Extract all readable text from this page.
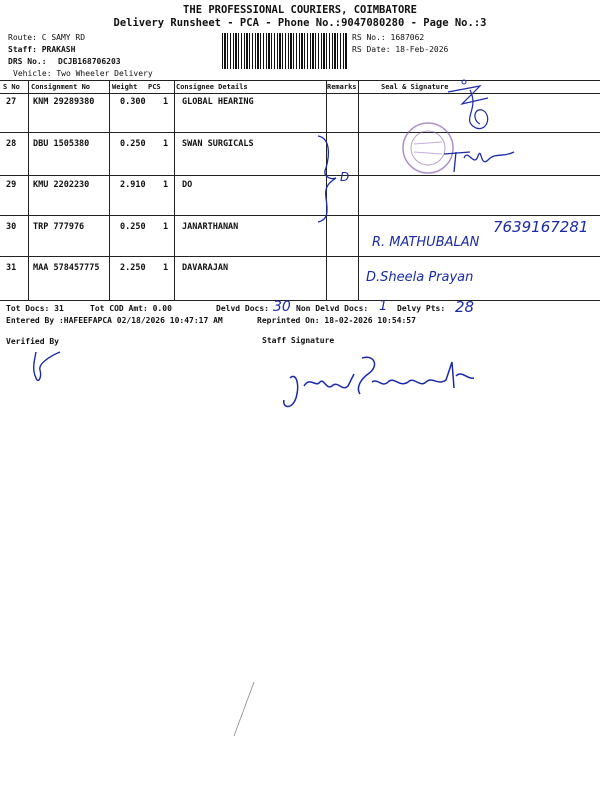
THE PROFESSIONAL COURIERS, COIMBATORE
Delivery Runsheet - PCA - Phone No.:9047080280 - Page No.:3
Route: C SAMY RD
Staff: PRAKASH
DRS No.: DCJB168706203
Vehicle: Two Wheeler Delivery
RS No.: 1687062
RS Date: 18-Feb-2026
S No Consignment No	Weight PCS Consignee Details	Remarks	Seal & Signature
27 KNM 29289380	0.300 1 GLOBAL HEARING
28 DBU 1505380	0.250 1 SWAN SURGICALS
29 KMU 2202230	2.910 1 DO
30 TRP 777976	0.250 1 JANARTHANAN
31 MAA 578457775 2.250 1 DAVARAJAN
Tot Docs: 31	Tot COD Amt: 0.00	Delvd Docs:	Non Delvd Docs:	Delvy Pts:
Entered By :HAFEEFAPCA 02/18/2026 10:47:17 AM	Reprinted On: 18-02-2026 10:54:57
30	1	28
Verified By	Staff Signature
D
7639167281
R. MATHUBALAN
D.Sheela Prayan
